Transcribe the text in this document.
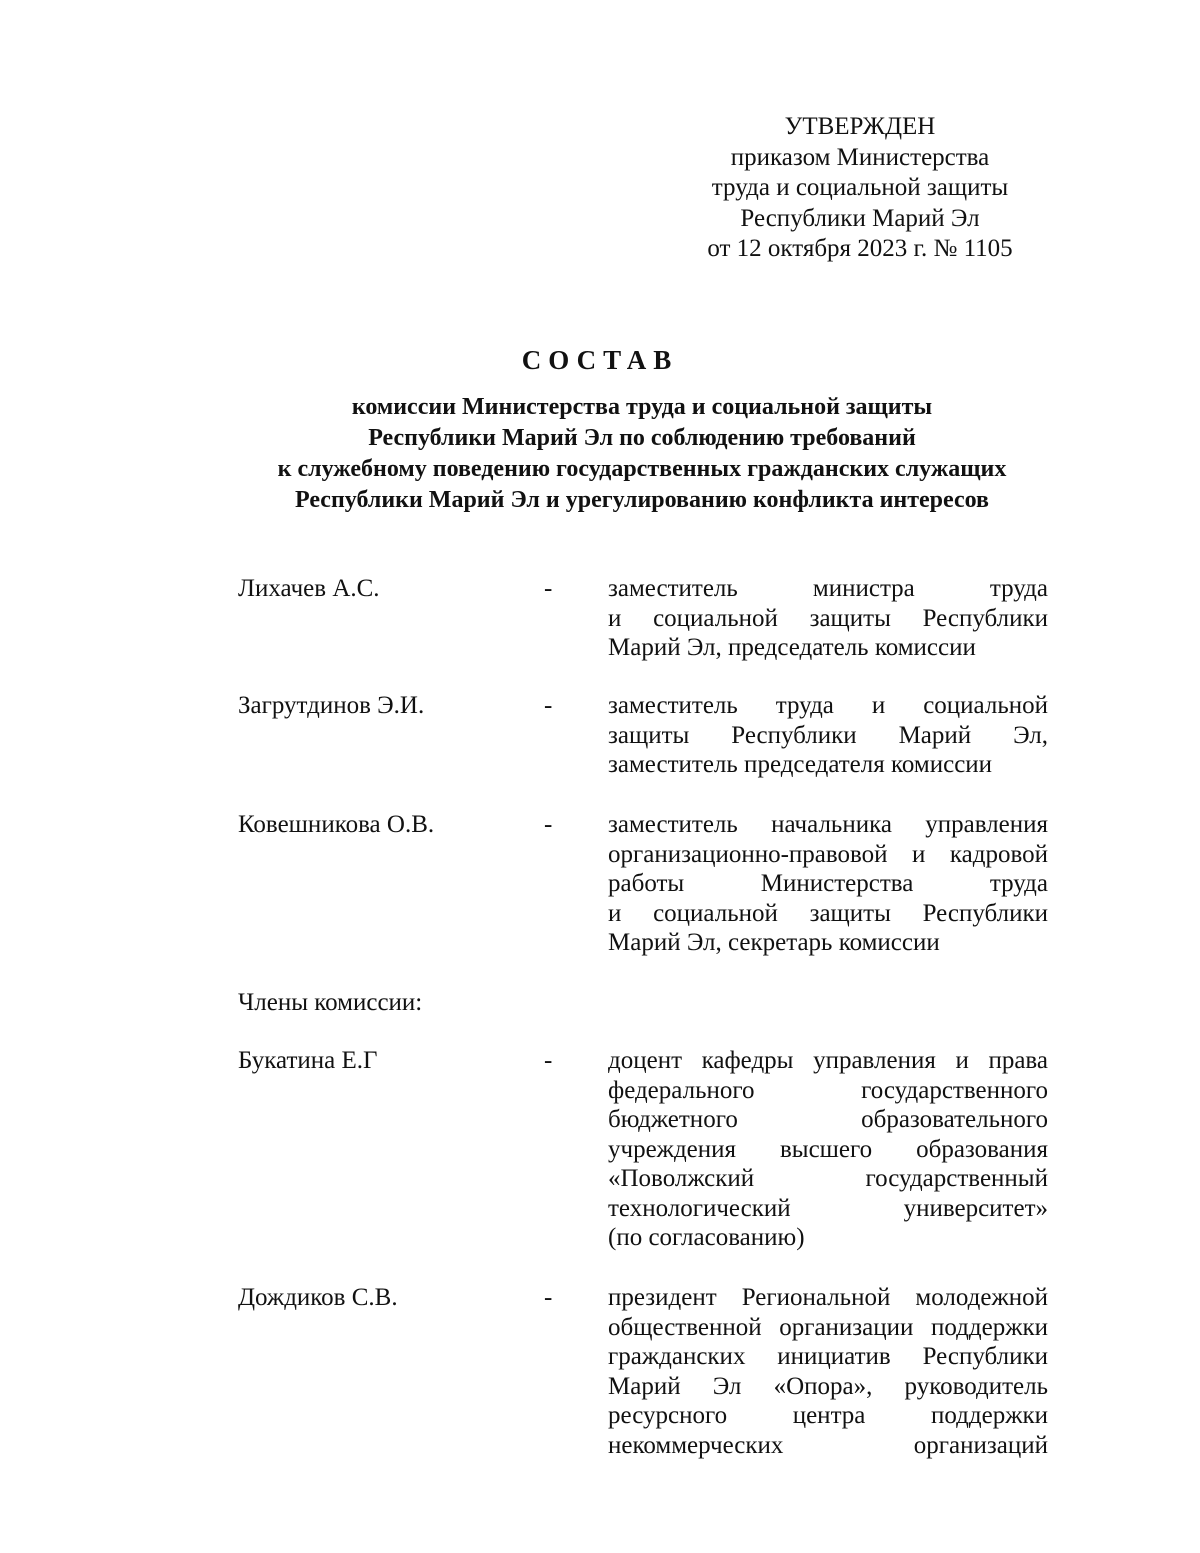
УТВЕРЖДЕН
приказом Министерства
труда и социальной защиты
Республики Марий Эл
от 12 октября 2023 г. № 1105
СОСТАВ
комиссии Министерства труда и социальной защиты
Республики Марий Эл по соблюдению требований
к служебному поведению государственных гражданских служащих
Республики Марий Эл и урегулированию конфликта интересов
Лихачев А.С.	- заместитель министра труда
и социальной защиты Республики
Марий Эл, председатель комиссии
Загрутдинов Э.И.	- заместитель труда и социальной
защиты Республики Марий Эл,
заместитель председателя комиссии
Ковешникова О.В.	- заместитель начальника управления
организационно-правовой и кадровой
работы Министерства труда
и социальной защиты Республики
Марий Эл, секретарь комиссии
Члены комиссии:
Букатина Е.Г	- доцент кафедры управления и права
федерального государственного
бюджетного образовательного
учреждения высшего образования
«Поволжский государственный
технологический университет»
(по согласованию)
Дождиков С.В.	- президент Региональной молодежной
общественной организации поддержки
гражданских инициатив Республики
Марий Эл «Опора», руководитель
ресурсного центра поддержки
некоммерческих организаций
